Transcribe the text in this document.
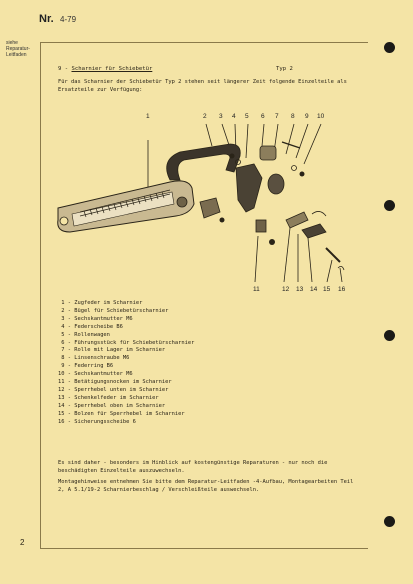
Nr. 4-79
siehe
Reparatur-
Leitfaden
9 - Scharnier für Schiebetür	Typ 2
Für das Scharnier der Schiebetür Typ 2 stehen seit längerer Zeit folgende Einzelteile als Ersatzteile zur Verfügung:
1	2 3 4 5 6 7 8 9 10
11	12 13 14 15 16
1 - Zugfeder im Scharnier
2 - Bügel für Schiebetürscharnier
3 - Sechskantmutter M6
4 - Federscheibe B6
5 - Rollenwagen
6 - Führungsstück für Schiebetürscharnier
7 - Rolle mit Lager im Scharnier
8 - Linsenschraube M6
9 - Federring B6
10 - Sechskantmutter M6
11 - Betätigungsnocken im Scharnier
12 - Sperrhebel unten im Scharnier
13 - Schenkelfeder im Scharnier
14 - Sperrhebel oben im Scharnier
15 - Bolzen für Sperrhebel im Scharnier
16 - Sicherungsscheibe 6
Es sind daher - besonders im Hinblick auf kostengünstige Reparaturen - nur noch die beschädigten Einzelteile auszuwechseln.
Montagehinweise entnehmen Sie bitte dem Reparatur-Leitfaden -4-Aufbau, Montagearbeiten Teil 2, A 5.1/19-2 Scharnierbeschlag / Verschleißteile auswechseln.
2
